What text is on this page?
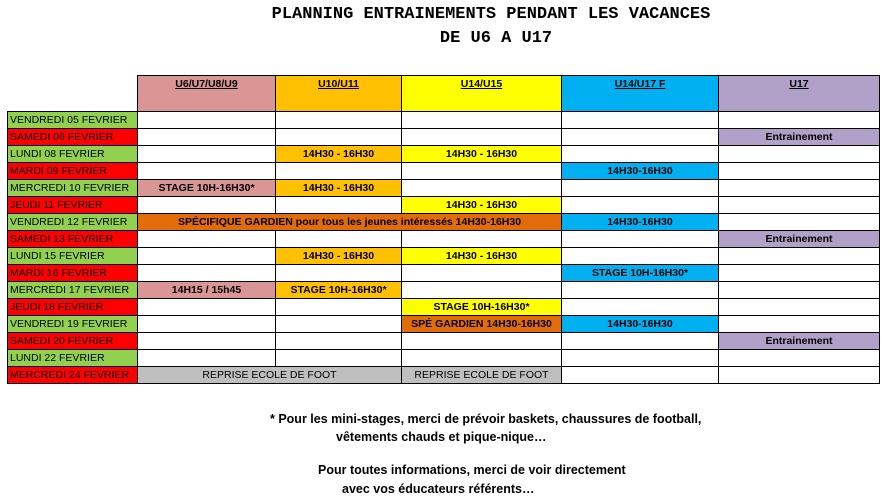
PLANNING ENTRAINEMENTS PENDANT LES VACANCES
DE U6 A U17
	U6/U7/U8/U9	U10/U11	U14/U15	U14/U17 F	U17
VENDREDI 05 FEVRIER					
SAMEDI 06 FEVRIER					Entrainement
LUNDI 08 FEVRIER		14H30 - 16H30	14H30 - 16H30		
MARDI 09 FEVRIER				14H30-16H30	
MERCREDI 10 FEVRIER	STAGE 10H-16H30*	14H30 - 16H30			
JEUDI 11 FEVRIER			14H30 - 16H30		
VENDREDI 12 FEVRIER	SPÉCIFIQUE GARDIEN pour tous les jeunes intéressés 14H30-16H30			14H30-16H30	
SAMEDI 13 FEVRIER					Entrainement
LUNDI 15 FEVRIER		14H30 - 16H30	14H30 - 16H30		
MARDI 16 FEVRIER				STAGE 10H-16H30*	
MERCREDI 17 FEVRIER	14H15 / 15h45	STAGE 10H-16H30*			
JEUDI 18 FEVRIER			STAGE 10H-16H30*		
VENDREDI 19 FEVRIER			SPÉ GARDIEN 14H30-16H30	14H30-16H30	
SAMEDI 20 FEVRIER					Entrainement
LUNDI 22 FEVRIER					
MERCREDI 24 FEVRIER	REPRISE ECOLE DE FOOT		REPRISE ECOLE DE FOOT		
* Pour les mini-stages, merci de prévoir baskets, chaussures de football,
vêtements chauds et pique-nique…
Pour toutes informations, merci de voir directement
avec vos éducateurs référents…
